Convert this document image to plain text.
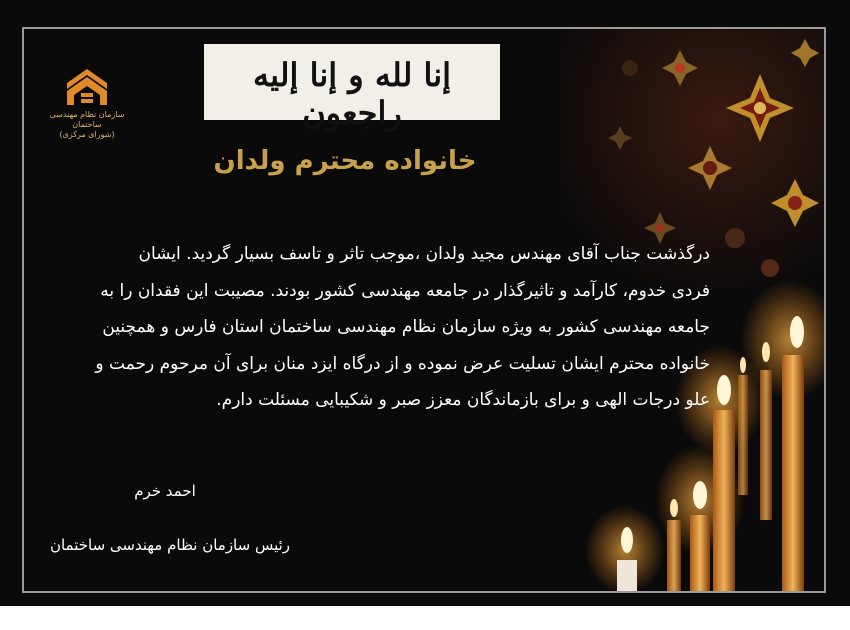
سازمان نظام مهندسی ساختمان
(شورای مرکزی)
إنا لله و إنا إليه راجعون
خانواده محترم ولدان
درگذشت جناب آقای مهندس مجید ولدان ،موجب تاثر و تاسف بسیار گردید. ایشان
فردی خدوم، کارآمد و تاثیرگذار در جامعه مهندسی کشور بودند. مصیبت این فقدان را به
جامعه مهندسی کشور به ویژه سازمان نظام مهندسی ساختمان استان فارس و همچنین
خانواده محترم ایشان تسلیت عرض نموده و از درگاه ایزد منان برای آن مرحوم رحمت و
علو درجات الهی و برای بازماندگان معزز صبر و شکیبایی مسئلت دارم.
احمد خرم
رئیس سازمان نظام مهندسی ساختمان
